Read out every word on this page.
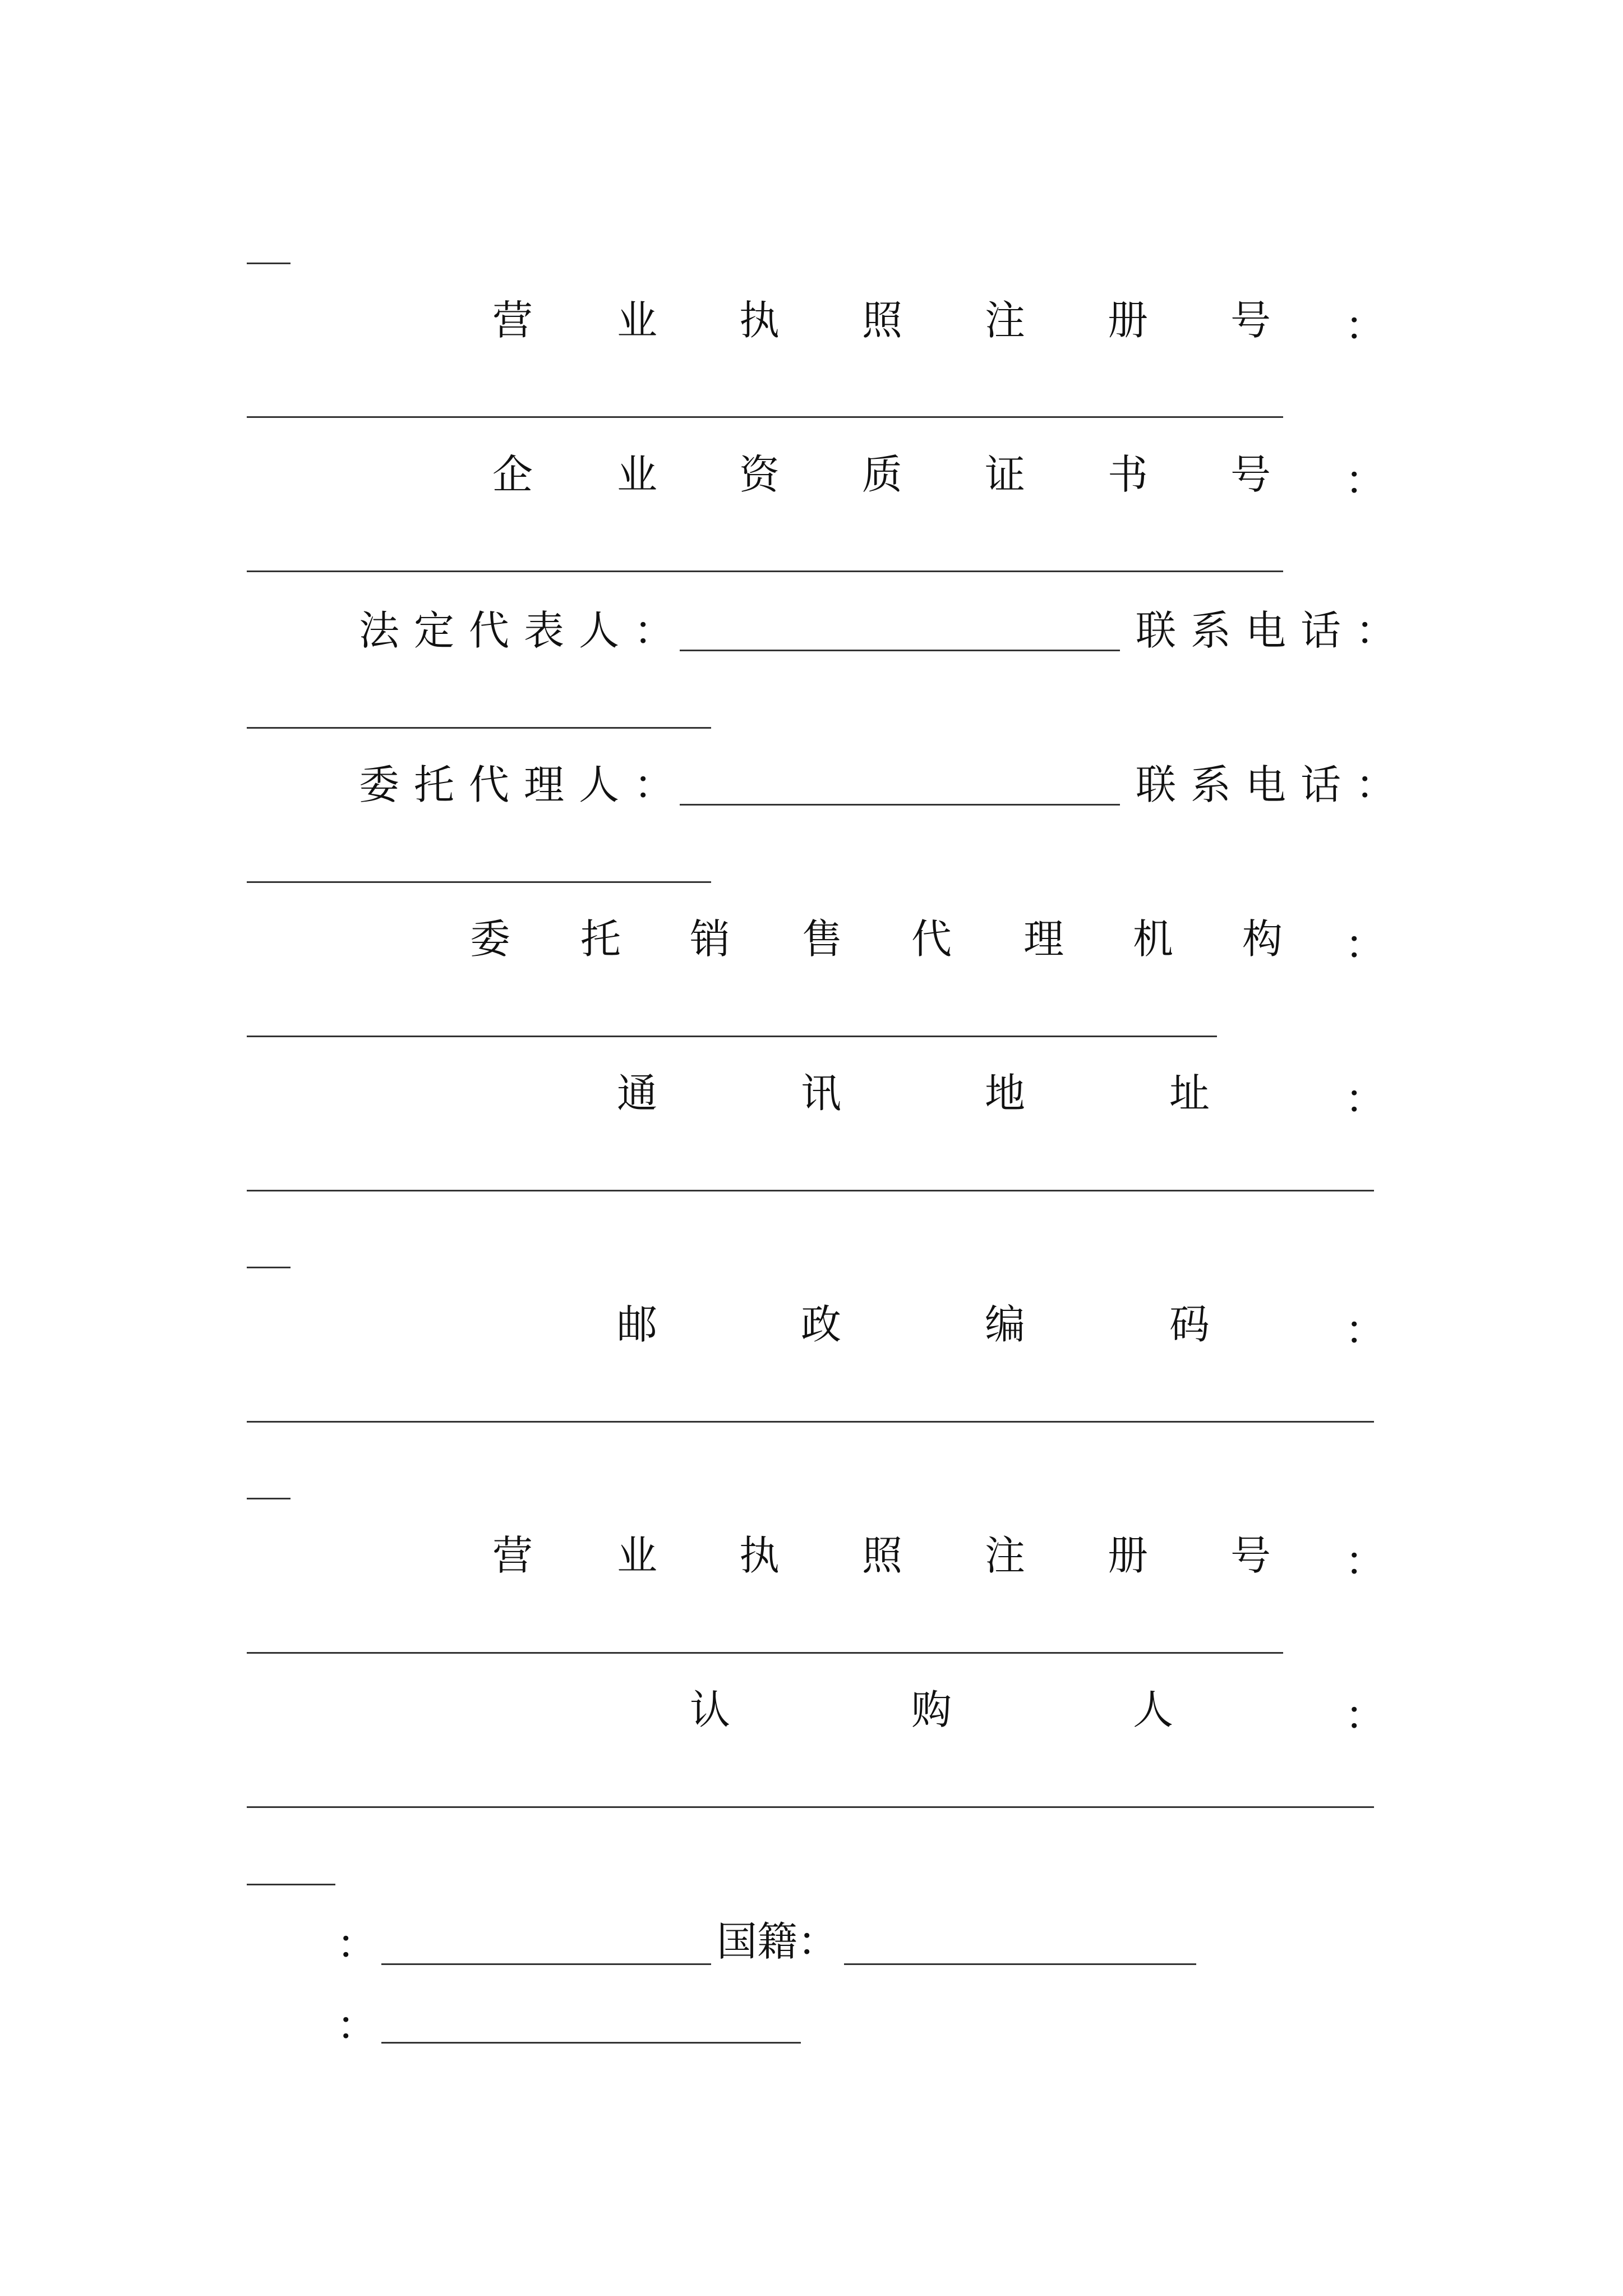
营 业 执 照 注 册 号 ：
企 业 资 质 证 书 号 ：
法定代表人：	联系电话：
委托代理人：	联系电话：
委 托 销 售 代 理 机 构 ：
通	讯	地	址	：
邮	政	编	码	：
营 业 执 照 注 册 号 ：
认	购	人	：
：	国籍：
：
